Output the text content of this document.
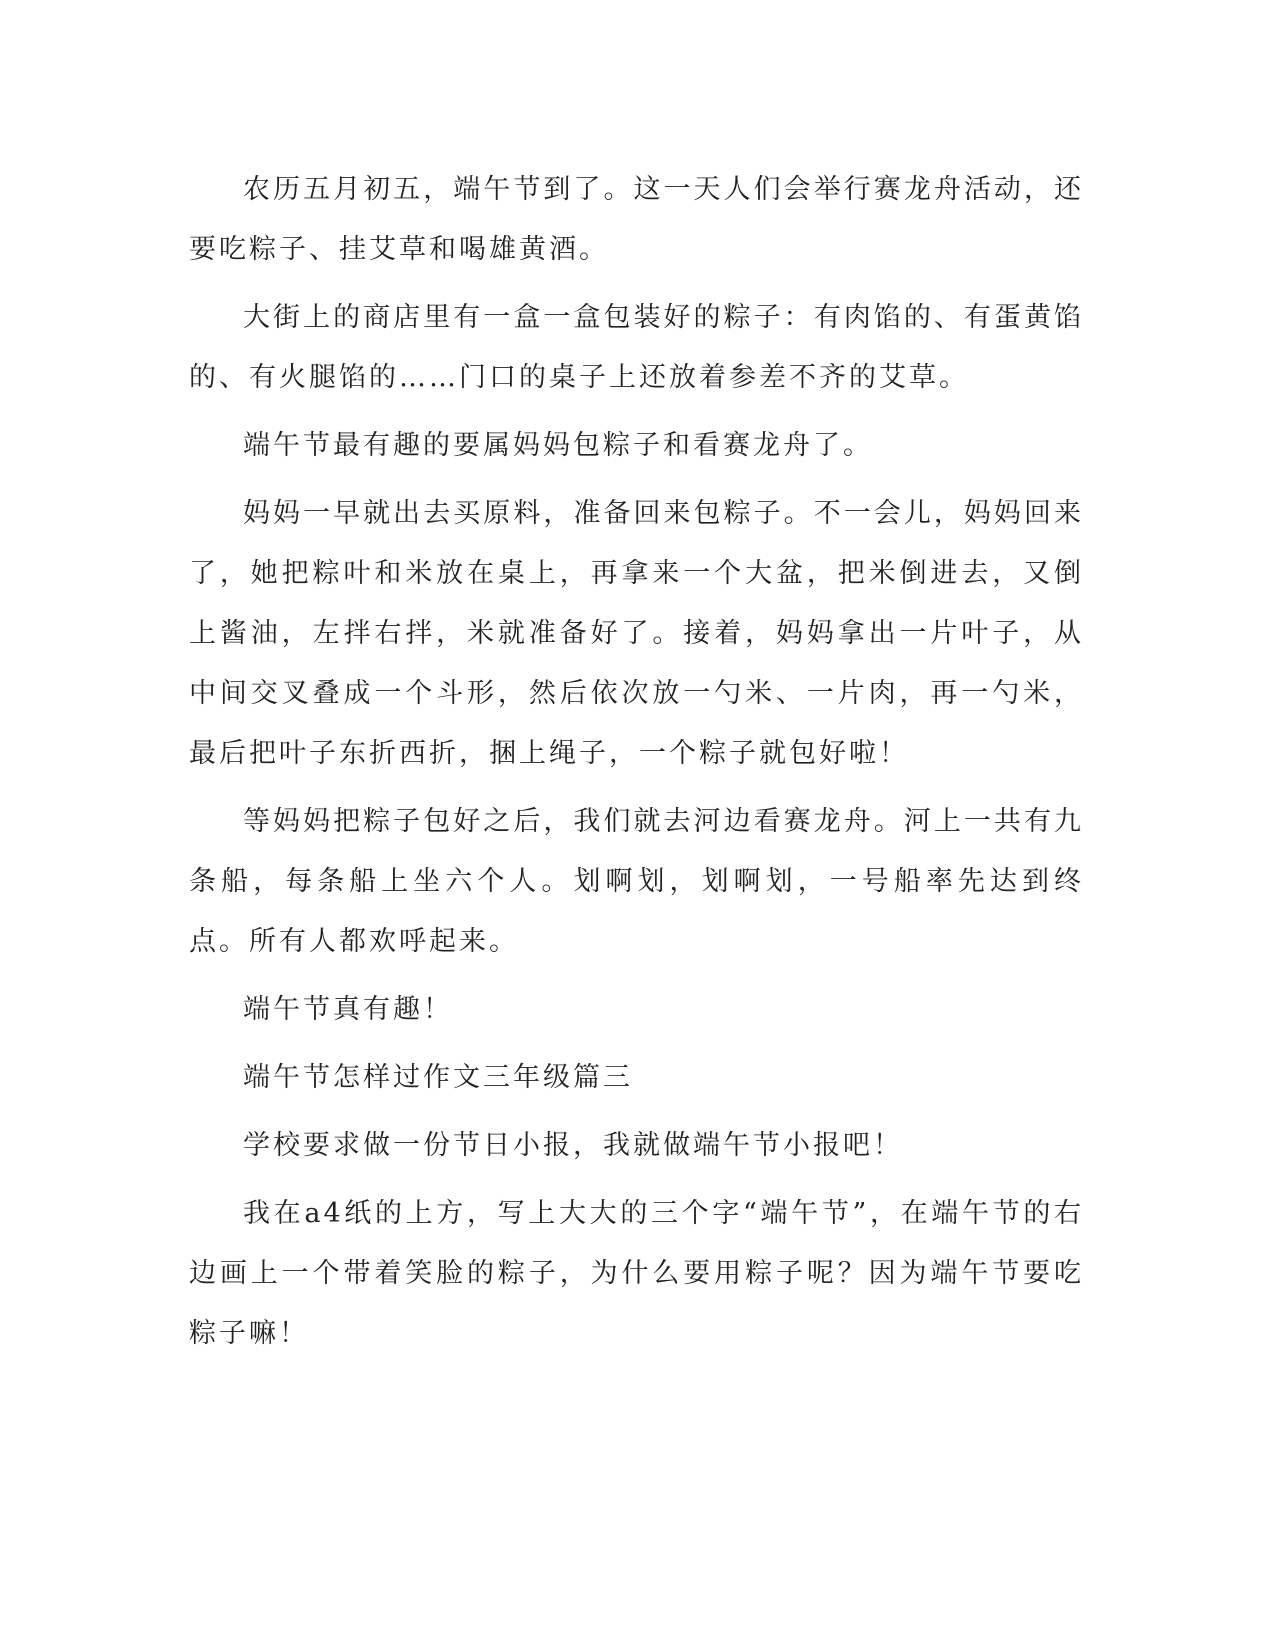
农历五月初五，端午节到了。这一天人们会举行赛龙舟活动，还要吃粽子、挂艾草和喝雄黄酒。

大街上的商店里有一盒一盒包装好的粽子：有肉馅的、有蛋黄馅的、有火腿馅的……门口的桌子上还放着参差不齐的艾草。

端午节最有趣的要属妈妈包粽子和看赛龙舟了。

妈妈一早就出去买原料，准备回来包粽子。不一会儿，妈妈回来了，她把粽叶和米放在桌上，再拿来一个大盆，把米倒进去，又倒上酱油，左拌右拌，米就准备好了。接着，妈妈拿出一片叶子，从中间交叉叠成一个斗形，然后依次放一勺米、一片肉，再一勺米，最后把叶子东折西折，捆上绳子，一个粽子就包好啦！

等妈妈把粽子包好之后，我们就去河边看赛龙舟。河上一共有九条船，每条船上坐六个人。划啊划，划啊划，一号船率先达到终点。所有人都欢呼起来。

端午节真有趣！

端午节怎样过作文三年级篇三

学校要求做一份节日小报，我就做端午节小报吧！

我在a4纸的上方，写上大大的三个字“端午节”，在端午节的右边画上一个带着笑脸的粽子，为什么要用粽子呢？因为端午节要吃粽子嘛！
